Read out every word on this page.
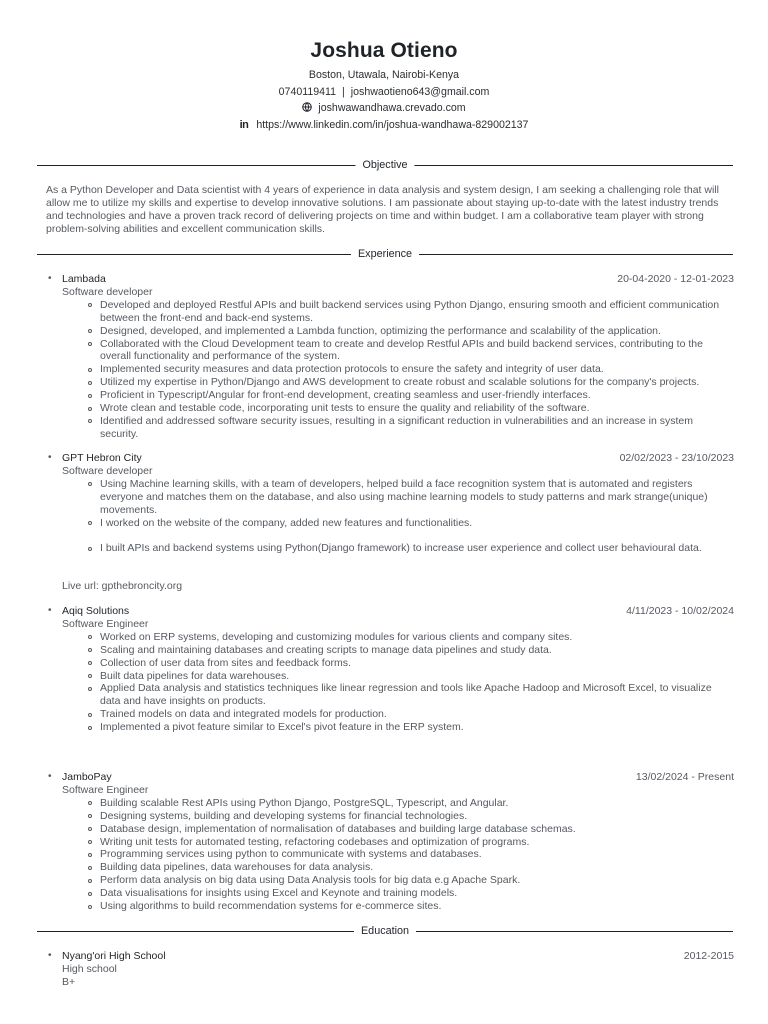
Joshua Otieno
Boston, Utawala, Nairobi-Kenya
0740119411 | joshwaotieno643@gmail.com
joshwawandhawa.crevado.com
in https://www.linkedin.com/in/joshua-wandhawa-829002137
Objective

As a Python Developer and Data scientist with 4 years of experience in data analysis and system design, I am seeking a challenging role that will allow me to utilize my skills and expertise to develop innovative solutions. I am passionate about staying up-to-date with the latest industry trends and technologies and have a proven track record of delivering projects on time and within budget. I am a collaborative team player with strong problem-solving abilities and excellent communication skills.

Experience
• Lambada	20-04-2020 - 12-01-2023
Software developer
Developed and deployed Restful APIs and built backend services using Python Django, ensuring smooth and efficient communication between the front-end and back-end systems.
Designed, developed, and implemented a Lambda function, optimizing the performance and scalability of the application.
Collaborated with the Cloud Development team to create and develop Restful APIs and build backend services, contributing to the overall functionality and performance of the system.
Implemented security measures and data protection protocols to ensure the safety and integrity of user data.
Utilized my expertise in Python/Django and AWS development to create robust and scalable solutions for the company's projects.
Proficient in Typescript/Angular for front-end development, creating seamless and user-friendly interfaces.
Wrote clean and testable code, incorporating unit tests to ensure the quality and reliability of the software.
Identified and addressed software security issues, resulting in a significant reduction in vulnerabilities and an increase in system security.
• GPT Hebron City	02/02/2023 - 23/10/2023
Software developer
Using Machine learning skills, with a team of developers, helped build a face recognition system that is automated and registers everyone and matches them on the database, and also using machine learning models to study patterns and mark strange(unique) movements.
I worked on the website of the company, added new features and functionalities.
I built APIs and backend systems using Python(Django framework) to increase user experience and collect user behavioural data.
Live url: gpthebroncity.org
• Aqiq Solutions	4/11/2023 - 10/02/2024
Software Engineer
Worked on ERP systems, developing and customizing modules for various clients and company sites.
Scaling and maintaining databases and creating scripts to manage data pipelines and study data.
Collection of user data from sites and feedback forms.
Built data pipelines for data warehouses.
Applied Data analysis and statistics techniques like linear regression and tools like Apache Hadoop and Microsoft Excel, to visualize data and have insights on products.
Trained models on data and integrated models for production.
Implemented a pivot feature similar to Excel's pivot feature in the ERP system.
• JamboPay	13/02/2024 - Present
Software Engineer
Building scalable Rest APIs using Python Django, PostgreSQL, Typescript, and Angular.
Designing systems, building and developing systems for financial technologies.
Database design, implementation of normalisation of databases and building large database schemas.
Writing unit tests for automated testing, refactoring codebases and optimization of programs.
Programming services using python to communicate with systems and databases.
Building data pipelines, data warehouses for data analysis.
Perform data analysis on big data using Data Analysis tools for big data e.g Apache Spark.
Data visualisations for insights using Excel and Keynote and training models.
Using algorithms to build recommendation systems for e-commerce sites.
Education
• Nyang'ori High School	2012-2015
High school
B+
